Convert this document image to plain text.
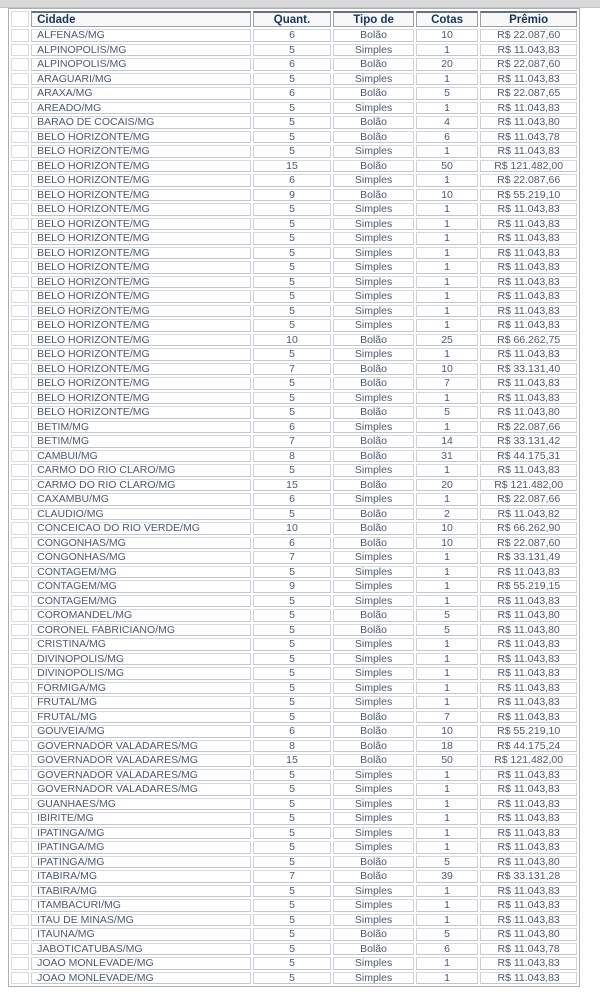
	Cidade	Quant.	Tipo de	Cotas	Prêmio
	ALFENAS/MG	6	Bolão	10	R$ 22.087,60
	ALPINOPOLIS/MG	5	Simples	1	R$ 11.043,83
	ALPINOPOLIS/MG	6	Bolão	20	R$ 22.087,60
	ARAGUARI/MG	5	Simples	1	R$ 11.043,83
	ARAXA/MG	6	Bolão	5	R$ 22.087,65
	AREADO/MG	5	Simples	1	R$ 11.043,83
	BARAO DE COCAIS/MG	5	Bolão	4	R$ 11.043,80
	BELO HORIZONTE/MG	5	Bolão	6	R$ 11.043,78
	BELO HORIZONTE/MG	5	Simples	1	R$ 11.043,83
	BELO HORIZONTE/MG	15	Bolão	50	R$ 121.482,00
	BELO HORIZONTE/MG	6	Simples	1	R$ 22.087,66
	BELO HORIZONTE/MG	9	Bolão	10	R$ 55.219,10
	BELO HORIZONTE/MG	5	Simples	1	R$ 11.043,83
	BELO HORIZONTE/MG	5	Simples	1	R$ 11.043,83
	BELO HORIZONTE/MG	5	Simples	1	R$ 11.043,83
	BELO HORIZONTE/MG	5	Simples	1	R$ 11.043,83
	BELO HORIZONTE/MG	5	Simples	1	R$ 11.043,83
	BELO HORIZONTE/MG	5	Simples	1	R$ 11.043,83
	BELO HORIZONTE/MG	5	Simples	1	R$ 11.043,83
	BELO HORIZONTE/MG	5	Simples	1	R$ 11.043,83
	BELO HORIZONTE/MG	5	Simples	1	R$ 11.043,83
	BELO HORIZONTE/MG	10	Bolão	25	R$ 66.262,75
	BELO HORIZONTE/MG	5	Simples	1	R$ 11.043,83
	BELO HORIZONTE/MG	7	Bolão	10	R$ 33.131,40
	BELO HORIZONTE/MG	5	Bolão	7	R$ 11.043,83
	BELO HORIZONTE/MG	5	Simples	1	R$ 11.043,83
	BELO HORIZONTE/MG	5	Bolão	5	R$ 11.043,80
	BETIM/MG	6	Simples	1	R$ 22.087,66
	BETIM/MG	7	Bolão	14	R$ 33.131,42
	CAMBUI/MG	8	Bolão	31	R$ 44.175,31
	CARMO DO RIO CLARO/MG	5	Simples	1	R$ 11.043,83
	CARMO DO RIO CLARO/MG	15	Bolão	20	R$ 121.482,00
	CAXAMBU/MG	6	Simples	1	R$ 22.087,66
	CLAUDIO/MG	5	Bolão	2	R$ 11.043,82
	CONCEICAO DO RIO VERDE/MG	10	Bolão	10	R$ 66.262,90
	CONGONHAS/MG	6	Bolão	10	R$ 22.087,60
	CONGONHAS/MG	7	Simples	1	R$ 33.131,49
	CONTAGEM/MG	5	Simples	1	R$ 11.043,83
	CONTAGEM/MG	9	Simples	1	R$ 55.219,15
	CONTAGEM/MG	5	Simples	1	R$ 11.043,83
	COROMANDEL/MG	5	Bolão	5	R$ 11.043,80
	CORONEL FABRICIANO/MG	5	Bolão	5	R$ 11.043,80
	CRISTINA/MG	5	Simples	1	R$ 11.043,83
	DIVINOPOLIS/MG	5	Simples	1	R$ 11.043,83
	DIVINOPOLIS/MG	5	Simples	1	R$ 11.043,83
	FORMIGA/MG	5	Simples	1	R$ 11.043,83
	FRUTAL/MG	5	Simples	1	R$ 11.043,83
	FRUTAL/MG	5	Bolão	7	R$ 11.043,83
	GOUVEIA/MG	6	Bolão	10	R$ 55.219,10
	GOVERNADOR VALADARES/MG	8	Bolão	18	R$ 44.175,24
	GOVERNADOR VALADARES/MG	15	Bolão	50	R$ 121.482,00
	GOVERNADOR VALADARES/MG	5	Simples	1	R$ 11.043,83
	GOVERNADOR VALADARES/MG	5	Simples	1	R$ 11.043,83
	GUANHAES/MG	5	Simples	1	R$ 11.043,83
	IBIRITE/MG	5	Simples	1	R$ 11.043,83
	IPATINGA/MG	5	Simples	1	R$ 11.043,83
	IPATINGA/MG	5	Simples	1	R$ 11.043,83
	IPATINGA/MG	5	Bolão	5	R$ 11.043,80
	ITABIRA/MG	7	Bolão	39	R$ 33.131,28
	ITABIRA/MG	5	Simples	1	R$ 11.043,83
	ITAMBACURI/MG	5	Simples	1	R$ 11.043,83
	ITAU DE MINAS/MG	5	Simples	1	R$ 11.043,83
	ITAUNA/MG	5	Bolão	5	R$ 11.043,80
	JABOTICATUBAS/MG	5	Bolão	6	R$ 11.043,78
	JOAO MONLEVADE/MG	5	Simples	1	R$ 11.043,83
	JOAO MONLEVADE/MG	5	Simples	1	R$ 11.043,83
